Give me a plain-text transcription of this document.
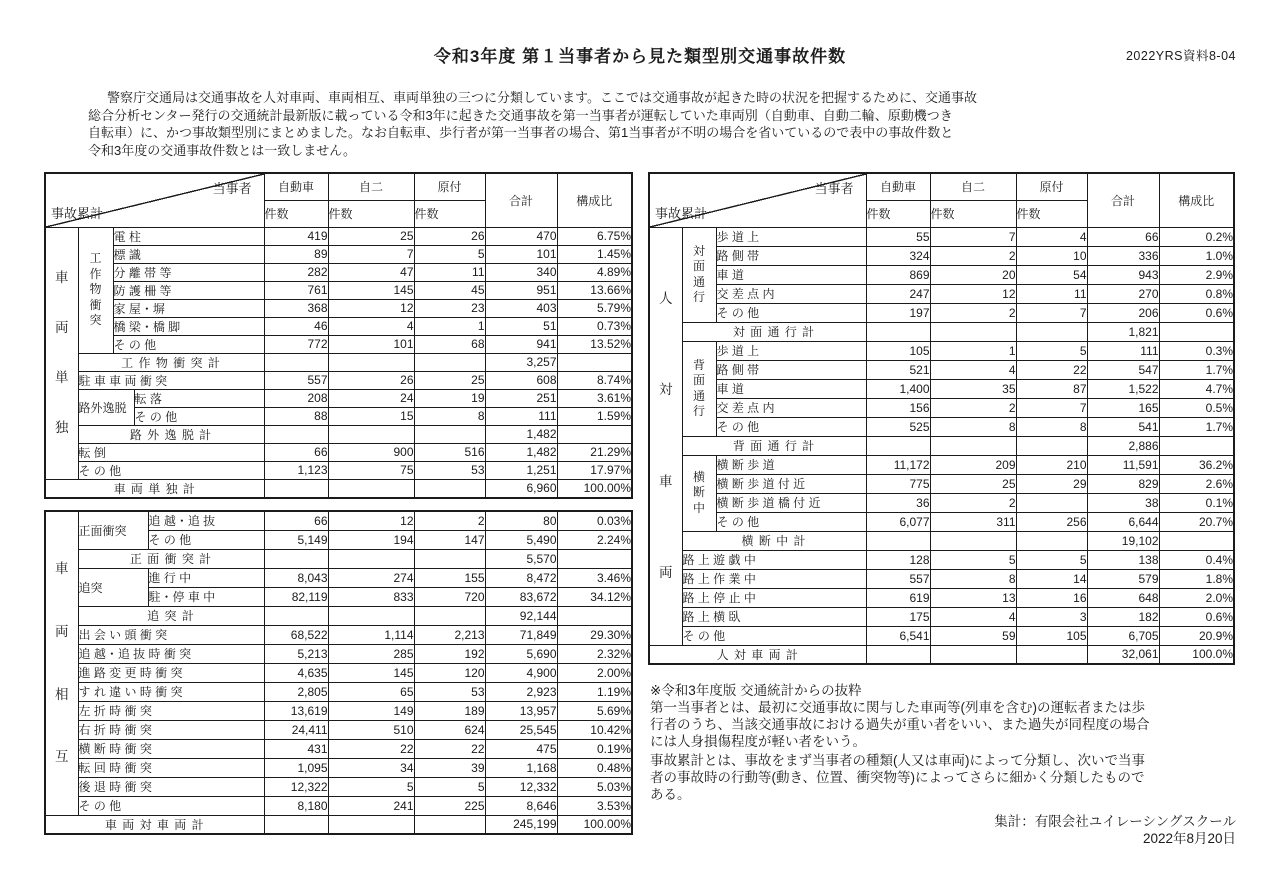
2022YRS資料8-04
令和3年度 第１当事者から見た類型別交通事故件数
警察庁交通局は交通事故を人対車両、車両相互、車両単独の三つに分類しています。ここでは交通事故が起きた時の状況を把握するために、交通事故
総合分析センター発行の交通統計最新版に載っている令和3年に起きた交通事故を第一当事者が運転していた車両別（自動車、自動二輪、原動機つき
自転車）に、かつ事故類型別にまとめました。なお自転車、歩行者が第一当事者の場合、第1当事者が不明の場合を省いているので表中の事故件数と
令和3年度の交通事故件数とは一致しません。
当事者
事故累計				自動車	自二	原付	合計	構成比
				件数	件数	件数		

車
両
単
独	工
作
物
衝
突	電 柱		419	25	26	470	6.75%
		標 識		89	7	5	101	1.45%
		分 離 帯 等		282	47	11	340	4.89%
		防 護 柵 等		761	145	45	951	13.66%
		家 屋・塀		368	12	23	403	5.79%
		橋 梁・橋 脚		46	4	1	51	0.73%
		そ の 他		772	101	68	941	13.52%
	工 作 物 衝 突 計						3,257	
	駐 車 車 両 衝 突			557	26	25	608	8.74%
	路外逸脱		転 落	208	24	19	251	3.61%
			そ の 他	88	15	8	111	1.59%
	路 外 逸 脱 計						1,482	
	転 倒			66	900	516	1,482	21.29%
	そ の 他			1,123	75	53	1,251	17.97%
車 両 単 独 計							6,960	100.00%
車
両
相
互	正面衝突	追 越・追 抜	66	12	2	80	0.03%
		そ の 他	5,149	194	147	5,490	2.24%
	正 面 衝 突 計					5,570	
	追突	進 行 中	8,043	274	155	8,472	3.46%
		駐・停 車 中	82,119	833	720	83,672	34.12%
	追 突 計					92,144	
	出 会 い 頭 衝 突		68,522	1,114	2,213	71,849	29.30%
	追 越・追 抜 時 衝 突		5,213	285	192	5,690	2.32%
	進 路 変 更 時 衝 突		4,635	145	120	4,900	2.00%
	す れ 違 い 時 衝 突		2,805	65	53	2,923	1.19%
	左 折 時 衝 突		13,619	149	189	13,957	5.69%
	右 折 時 衝 突		24,411	510	624	25,545	10.42%
	横 断 時 衝 突		431	22	22	475	0.19%
	転 回 時 衝 突		1,095	34	39	1,168	0.48%
	後 退 時 衝 突		12,322	5	5	12,332	5.03%
	そ の 他		8,180	241	225	8,646	3.53%
車 両 対 車 両 計						245,199	100.00%
当事者
事故累計			自動車	自二	原付	合計	構成比
			件数	件数	件数		

人
対
車
両	対
面
通
行	歩 道 上	55	7	4	66	0.2%
		路 側 帯	324	2	10	336	1.0%
		車 道	869	20	54	943	2.9%
		交 差 点 内	247	12	11	270	0.8%
		そ の 他	197	2	7	206	0.6%
	対 面 通 行 計					1,821	

	背
面
通
行	歩 道 上	105	1	5	111	0.3%
		路 側 帯	521	4	22	547	1.7%
		車 道	1,400	35	87	1,522	4.7%
		交 差 点 内	156	2	7	165	0.5%
		そ の 他	525	8	8	541	1.7%
	背 面 通 行 計					2,886	

	横
断
中	横 断 歩 道	11,172	209	210	11,591	36.2%
		横 断 歩 道 付 近	775	25	29	829	2.6%
		横 断 歩 道 橋 付 近	36	2		38	0.1%
		そ の 他	6,077	311	256	6,644	20.7%
	横 断 中 計					19,102	
	路 上 遊 戯 中		128	5	5	138	0.4%
	路 上 作 業 中		557	8	14	579	1.8%
	路 上 停 止 中		619	13	16	648	2.0%
	路 上 横 臥		175	4	3	182	0.6%
	そ の 他		6,541	59	105	6,705	20.9%
人 対 車 両 計						32,061	100.0%
※令和3年度版 交通統計からの抜粋
第一当事者とは、最初に交通事故に関与した車両等(列車を含む)の運転者または歩
行者のうち、当該交通事故における過失が重い者をいい、また過失が同程度の場合
には人身損傷程度が軽い者をいう。
事故累計とは、事故をまず当事者の種類(人又は車両)によって分類し、次いで当事
者の事故時の行動等(動き、位置、衝突物等)によってさらに細かく分類したもので
ある。
集計：有限会社ユイレーシングスクール
2022年8月20日
